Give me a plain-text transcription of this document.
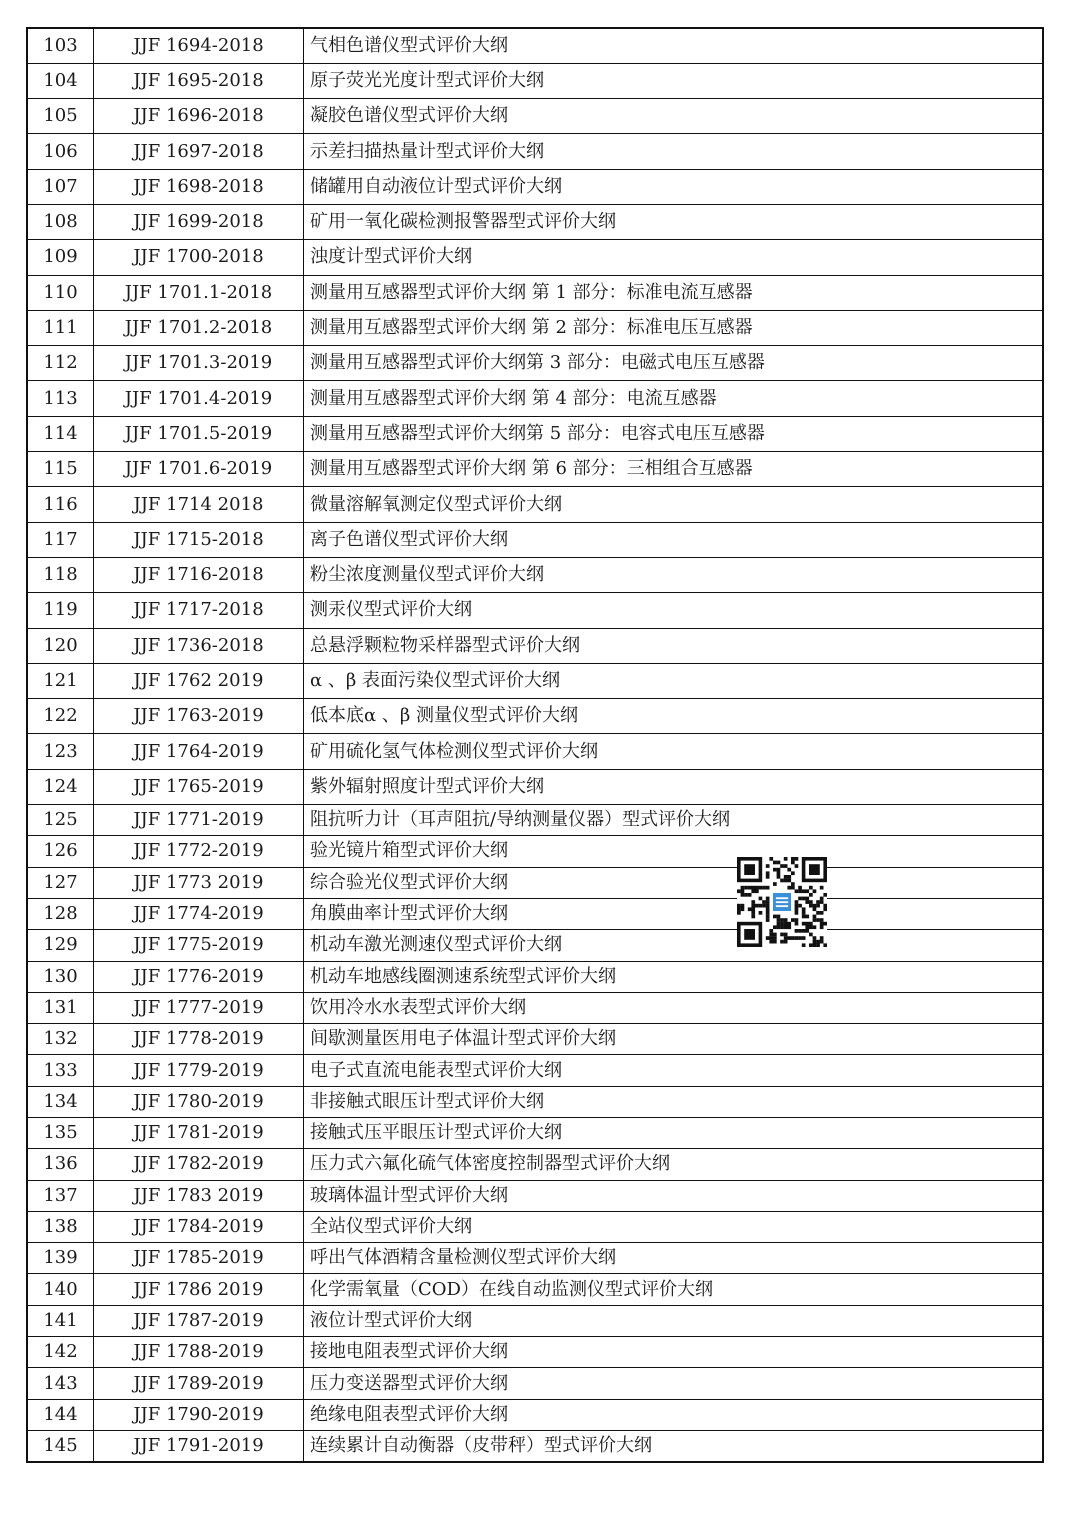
103	JJF 1694-2018	气相色谱仪型式评价大纲
104	JJF 1695-2018	原子荧光光度计型式评价大纲
105	JJF 1696-2018	凝胶色谱仪型式评价大纲
106	JJF 1697-2018	示差扫描热量计型式评价大纲
107	JJF 1698-2018	储罐用自动液位计型式评价大纲
108	JJF 1699-2018	矿用一氧化碳检测报警器型式评价大纲
109	JJF 1700-2018	浊度计型式评价大纲
110	JJF 1701.1-2018	测量用互感器型式评价大纲 第 1 部分：标准电流互感器
111	JJF 1701.2-2018	测量用互感器型式评价大纲 第 2 部分：标准电压互感器
112	JJF 1701.3-2019	测量用互感器型式评价大纲第 3 部分：电磁式电压互感器
113	JJF 1701.4-2019	测量用互感器型式评价大纲 第 4 部分：电流互感器
114	JJF 1701.5-2019	测量用互感器型式评价大纲第 5 部分：电容式电压互感器
115	JJF 1701.6-2019	测量用互感器型式评价大纲 第 6 部分：三相组合互感器
116	JJF 1714 2018	微量溶解氧测定仪型式评价大纲
117	JJF 1715-2018	离子色谱仪型式评价大纲
118	JJF 1716-2018	粉尘浓度测量仪型式评价大纲
119	JJF 1717-2018	测汞仪型式评价大纲
120	JJF 1736-2018	总悬浮颗粒物采样器型式评价大纲
121	JJF 1762 2019	α 、β 表面污染仪型式评价大纲
122	JJF 1763-2019	低本底α 、β 测量仪型式评价大纲
123	JJF 1764-2019	矿用硫化氢气体检测仪型式评价大纲
124	JJF 1765-2019	紫外辐射照度计型式评价大纲
125	JJF 1771-2019	阻抗听力计（耳声阻抗/导纳测量仪器）型式评价大纲
126	JJF 1772-2019	验光镜片箱型式评价大纲
127	JJF 1773 2019	综合验光仪型式评价大纲
128	JJF 1774-2019	角膜曲率计型式评价大纲
129	JJF 1775-2019	机动车激光测速仪型式评价大纲
130	JJF 1776-2019	机动车地感线圈测速系统型式评价大纲
131	JJF 1777-2019	饮用冷水水表型式评价大纲
132	JJF 1778-2019	间歇测量医用电子体温计型式评价大纲
133	JJF 1779-2019	电子式直流电能表型式评价大纲
134	JJF 1780-2019	非接触式眼压计型式评价大纲
135	JJF 1781-2019	接触式压平眼压计型式评价大纲
136	JJF 1782-2019	压力式六氟化硫气体密度控制器型式评价大纲
137	JJF 1783 2019	玻璃体温计型式评价大纲
138	JJF 1784-2019	全站仪型式评价大纲
139	JJF 1785-2019	呼出气体酒精含量检测仪型式评价大纲
140	JJF 1786 2019	化学需氧量（COD）在线自动监测仪型式评价大纲
141	JJF 1787-2019	液位计型式评价大纲
142	JJF 1788-2019	接地电阻表型式评价大纲
143	JJF 1789-2019	压力变送器型式评价大纲
144	JJF 1790-2019	绝缘电阻表型式评价大纲
145	JJF 1791-2019	连续累计自动衡器（皮带秤）型式评价大纲
